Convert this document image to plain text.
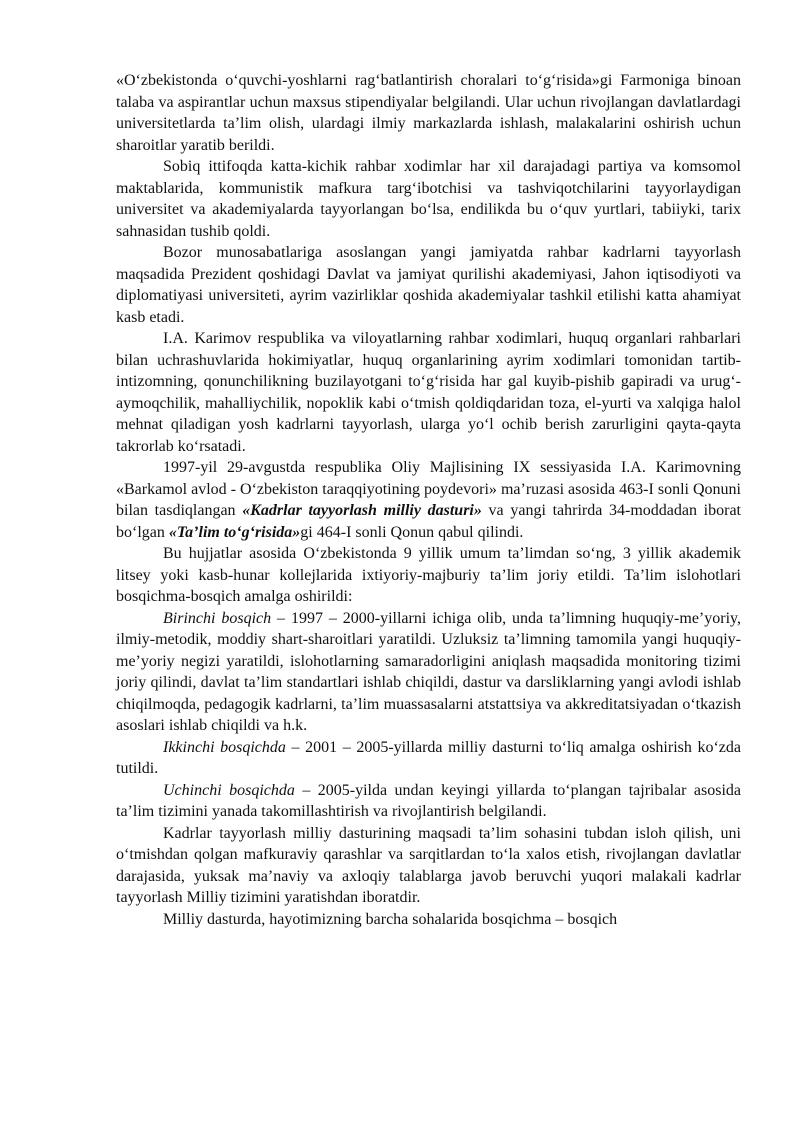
«O‘zbekistonda o‘quvchi-yoshlarni rag‘batlantirish choralari to‘g‘risida»gi Farmoniga binoan talaba va aspirantlar uchun maxsus stipendiyalar belgilandi. Ular uchun rivojlangan davlatlardagi universitetlarda ta’lim olish, ulardagi ilmiy markazlarda ishlash, malakalarini oshirish uchun sharoitlar yaratib berildi.

Sobiq ittifoqda katta-kichik rahbar xodimlar har xil darajadagi partiya va komsomol maktablarida, kommunistik mafkura targ‘ibotchisi va tashviqotchilarini tayyorlaydigan universitet va akademiyalarda tayyorlangan bo‘lsa, endilikda bu o‘quv yurtlari, tabiiyki, tarix sahnasidan tushib qoldi.

Bozor munosabatlariga asoslangan yangi jamiyatda rahbar kadrlarni tayyorlash maqsadida Prezident qoshidagi Davlat va jamiyat qurilishi akademiyasi, Jahon iqtisodiyoti va diplomatiyasi universiteti, ayrim vazirliklar qoshida akademiyalar tashkil etilishi katta ahamiyat kasb etadi.

I.A. Karimov respublika va viloyatlarning rahbar xodimlari, huquq organlari rahbarlari bilan uchrashuvlarida hokimiyatlar, huquq organlarining ayrim xodimlari tomonidan tartib-intizomning, qonunchilikning buzilayotgani to‘g‘risida har gal kuyib-pishib gapiradi va urug‘-aymoqchilik, mahalliychilik, nopoklik kabi o‘tmish qoldiqdaridan toza, el-yurti va xalqiga halol mehnat qiladigan yosh kadrlarni tayyorlash, ularga yo‘l ochib berish zarurligini qayta-qayta takrorlab ko‘rsatadi.

1997-yil 29-avgustda respublika Oliy Majlisining IX sessiyasida I.A. Karimovning «Barkamol avlod - O‘zbekiston taraqqiyotining poydevori» ma’ruzasi asosida 463-I sonli Qonuni bilan tasdiqlangan «Kadrlar tayyorlash milliy dasturi» va yangi tahrirda 34-moddadan iborat bo‘lgan «Ta’lim to‘g‘risida»gi 464-I sonli Qonun qabul qilindi.

Bu hujjatlar asosida O‘zbekistonda 9 yillik umum ta’limdan so‘ng, 3 yillik akademik litsey yoki kasb-hunar kollejlarida ixtiyoriy-majburiy ta’lim joriy etildi. Ta’lim islohotlari bosqichma-bosqich amalga oshirildi:

Birinchi bosqich – 1997 – 2000-yillarni ichiga olib, unda ta’limning huquqiy-me’yoriy, ilmiy-metodik, moddiy shart-sharoitlari yaratildi. Uzluksiz ta’limning tamomila yangi huquqiy-me’yoriy negizi yaratildi, islohotlarning samaradorligini aniqlash maqsadida monitoring tizimi joriy qilindi, davlat ta’lim standartlari ishlab chiqildi, dastur va darsliklarning yangi avlodi ishlab chiqilmoqda, pedagogik kadrlarni, ta’lim muassasalarni atstattsiya va akkreditatsiyadan o‘tkazish asoslari ishlab chiqildi va h.k.

Ikkinchi bosqichda – 2001 – 2005-yillarda milliy dasturni to‘liq amalga oshirish ko‘zda tutildi.

Uchinchi bosqichda – 2005-yilda undan keyingi yillarda to‘plangan tajribalar asosida ta’lim tizimini yanada takomillashtirish va rivojlantirish belgilandi.

Kadrlar tayyorlash milliy dasturining maqsadi ta’lim sohasini tubdan isloh qilish, uni o‘tmishdan qolgan mafkuraviy qarashlar va sarqitlardan to‘la xalos etish, rivojlangan davlatlar darajasida, yuksak ma’naviy va axloqiy talablarga javob beruvchi yuqori malakali kadrlar tayyorlash Milliy tizimini yaratishdan iboratdir.

Milliy dasturda, hayotimizning barcha sohalarida bosqichma – bosqich
